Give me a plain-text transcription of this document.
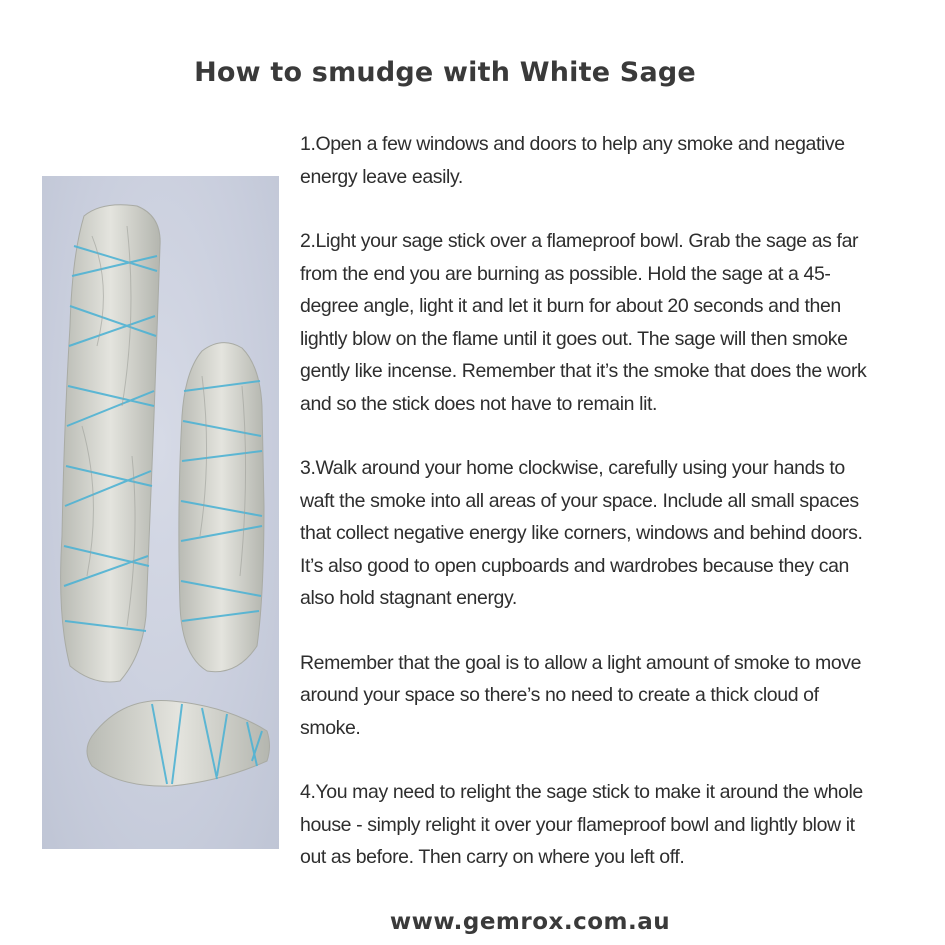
How to smudge with White Sage

1.Open a few windows and doors to help any smoke and negative energy leave easily.

2.Light your sage stick over a flameproof bowl. Grab the sage as far from the end you are burning as possible. Hold the sage at a 45-degree angle, light it and let it burn for about 20 seconds and then lightly blow on the flame until it goes out. The sage will then smoke gently like incense. Remember that it’s the smoke that does the work and so the stick does not have to remain lit.

3.Walk around your home clockwise, carefully using your hands to waft the smoke into all areas of your space. Include all small spaces that collect negative energy like corners, windows and behind doors. It’s also good to open cupboards and wardrobes because they can also hold stagnant energy.

Remember that the goal is to allow a light amount of smoke to move around your space so there’s no need to create a thick cloud of smoke.

4.You may need to relight the sage stick to make it around the whole house - simply relight it over your flameproof bowl and lightly blow it out as before. Then carry on where you left off.

www.gemrox.com.au
